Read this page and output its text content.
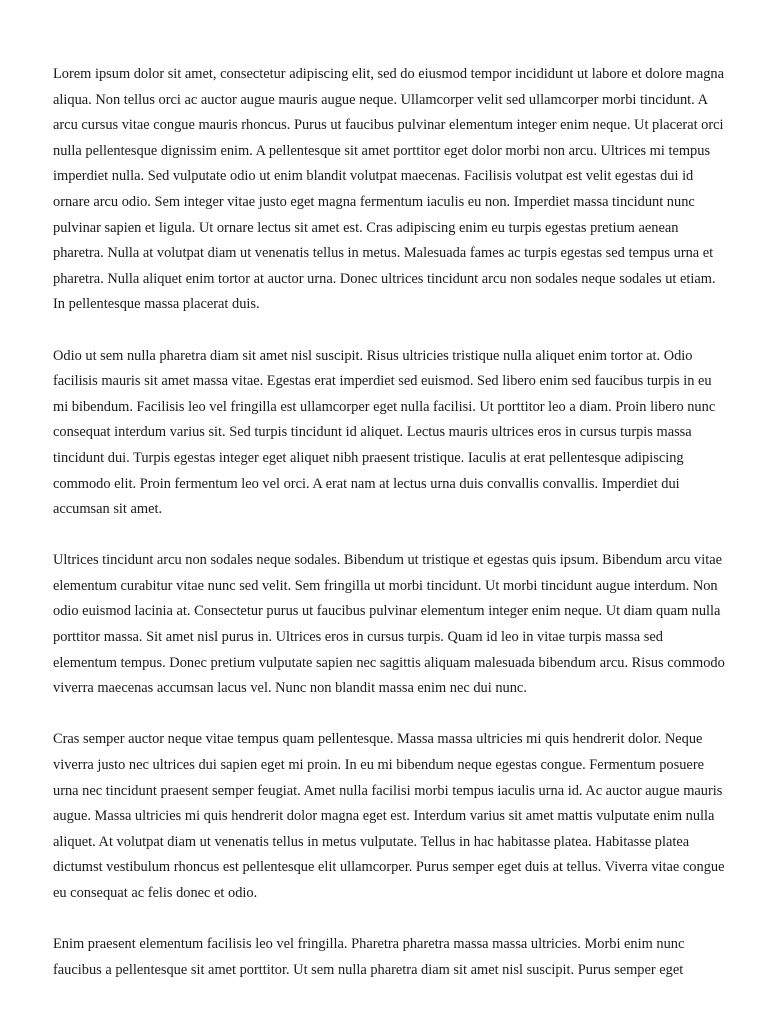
Lorem ipsum dolor sit amet, consectetur adipiscing elit, sed do eiusmod tempor incididunt ut labore et dolore magna aliqua. Non tellus orci ac auctor augue mauris augue neque. Ullamcorper velit sed ullamcorper morbi tincidunt. A arcu cursus vitae congue mauris rhoncus. Purus ut faucibus pulvinar elementum integer enim neque. Ut placerat orci nulla pellentesque dignissim enim. A pellentesque sit amet porttitor eget dolor morbi non arcu. Ultrices mi tempus imperdiet nulla. Sed vulputate odio ut enim blandit volutpat maecenas. Facilisis volutpat est velit egestas dui id ornare arcu odio. Sem integer vitae justo eget magna fermentum iaculis eu non. Imperdiet massa tincidunt nunc pulvinar sapien et ligula. Ut ornare lectus sit amet est. Cras adipiscing enim eu turpis egestas pretium aenean pharetra. Nulla at volutpat diam ut venenatis tellus in metus. Malesuada fames ac turpis egestas sed tempus urna et pharetra. Nulla aliquet enim tortor at auctor urna. Donec ultrices tincidunt arcu non sodales neque sodales ut etiam. In pellentesque massa placerat duis.

Odio ut sem nulla pharetra diam sit amet nisl suscipit. Risus ultricies tristique nulla aliquet enim tortor at. Odio facilisis mauris sit amet massa vitae. Egestas erat imperdiet sed euismod. Sed libero enim sed faucibus turpis in eu mi bibendum. Facilisis leo vel fringilla est ullamcorper eget nulla facilisi. Ut porttitor leo a diam. Proin libero nunc consequat interdum varius sit. Sed turpis tincidunt id aliquet. Lectus mauris ultrices eros in cursus turpis massa tincidunt dui. Turpis egestas integer eget aliquet nibh praesent tristique. Iaculis at erat pellentesque adipiscing commodo elit. Proin fermentum leo vel orci. A erat nam at lectus urna duis convallis convallis. Imperdiet dui accumsan sit amet.

Ultrices tincidunt arcu non sodales neque sodales. Bibendum ut tristique et egestas quis ipsum. Bibendum arcu vitae elementum curabitur vitae nunc sed velit. Sem fringilla ut morbi tincidunt. Ut morbi tincidunt augue interdum. Non odio euismod lacinia at. Consectetur purus ut faucibus pulvinar elementum integer enim neque. Ut diam quam nulla porttitor massa. Sit amet nisl purus in. Ultrices eros in cursus turpis. Quam id leo in vitae turpis massa sed elementum tempus. Donec pretium vulputate sapien nec sagittis aliquam malesuada bibendum arcu. Risus commodo viverra maecenas accumsan lacus vel. Nunc non blandit massa enim nec dui nunc.

Cras semper auctor neque vitae tempus quam pellentesque. Massa massa ultricies mi quis hendrerit dolor. Neque viverra justo nec ultrices dui sapien eget mi proin. In eu mi bibendum neque egestas congue. Fermentum posuere urna nec tincidunt praesent semper feugiat. Amet nulla facilisi morbi tempus iaculis urna id. Ac auctor augue mauris augue. Massa ultricies mi quis hendrerit dolor magna eget est. Interdum varius sit amet mattis vulputate enim nulla aliquet. At volutpat diam ut venenatis tellus in metus vulputate. Tellus in hac habitasse platea. Habitasse platea dictumst vestibulum rhoncus est pellentesque elit ullamcorper. Purus semper eget duis at tellus. Viverra vitae congue eu consequat ac felis donec et odio.

Enim praesent elementum facilisis leo vel fringilla. Pharetra pharetra massa massa ultricies. Morbi enim nunc faucibus a pellentesque sit amet porttitor. Ut sem nulla pharetra diam sit amet nisl suscipit. Purus semper eget
